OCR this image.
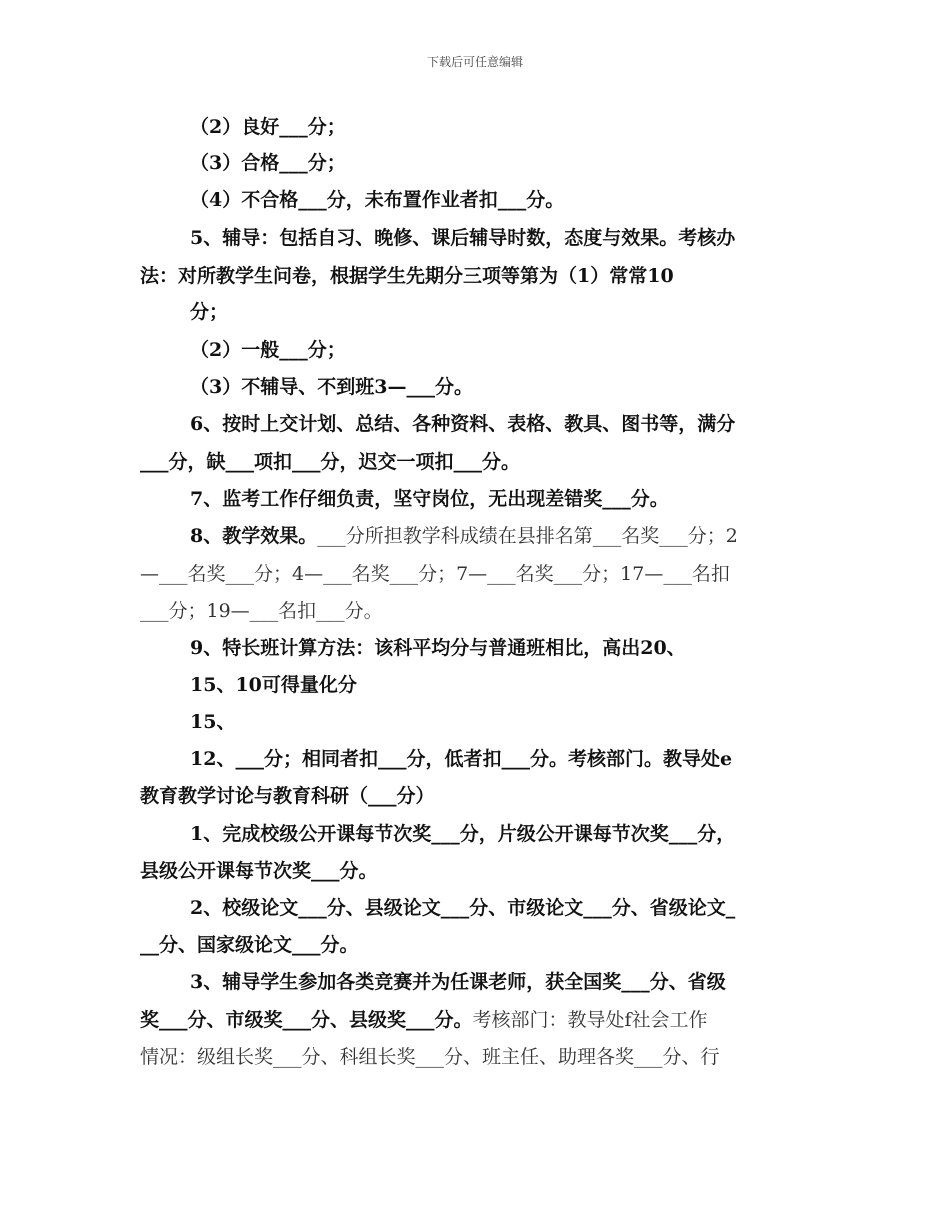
下载后可任意编辑
（2）良好___分；
（3）合格___分；
（4）不合格___分，未布置作业者扣___分。
5、辅导：包括自习、晚修、课后辅导时数，态度与效果。考核办
法：对所教学生问卷，根据学生先期分三项等第为（1）常常10
分；
（2）一般___分；
（3）不辅导、不到班3—___分。
6、按时上交计划、总结、各种资料、表格、教具、图书等，满分
___分，缺___项扣___分，迟交一项扣___分。
7、监考工作仔细负责，坚守岗位，无出现差错奖___分。
8、教学效果。___分所担教学科成绩在县排名第___名奖___分；2
—___名奖___分；4—___名奖___分；7—___名奖___分；17—___名扣
___分；19—___名扣___分。
9、特长班计算方法：该科平均分与普通班相比，高出20、
15、10可得量化分
15、
12、___分；相同者扣___分，低者扣___分。考核部门。教导处e
教育教学讨论与教育科研（___分）
1、完成校级公开课每节次奖___分，片级公开课每节次奖___分，
县级公开课每节次奖___分。
2、校级论文___分、县级论文___分、市级论文___分、省级论文_
__分、国家级论文___分。
3、辅导学生参加各类竞赛并为任课老师，获全国奖___分、省级
奖___分、市级奖___分、县级奖___分。考核部门：教导处f社会工作
情况：级组长奖___分、科组长奖___分、班主任、助理各奖___分、行
